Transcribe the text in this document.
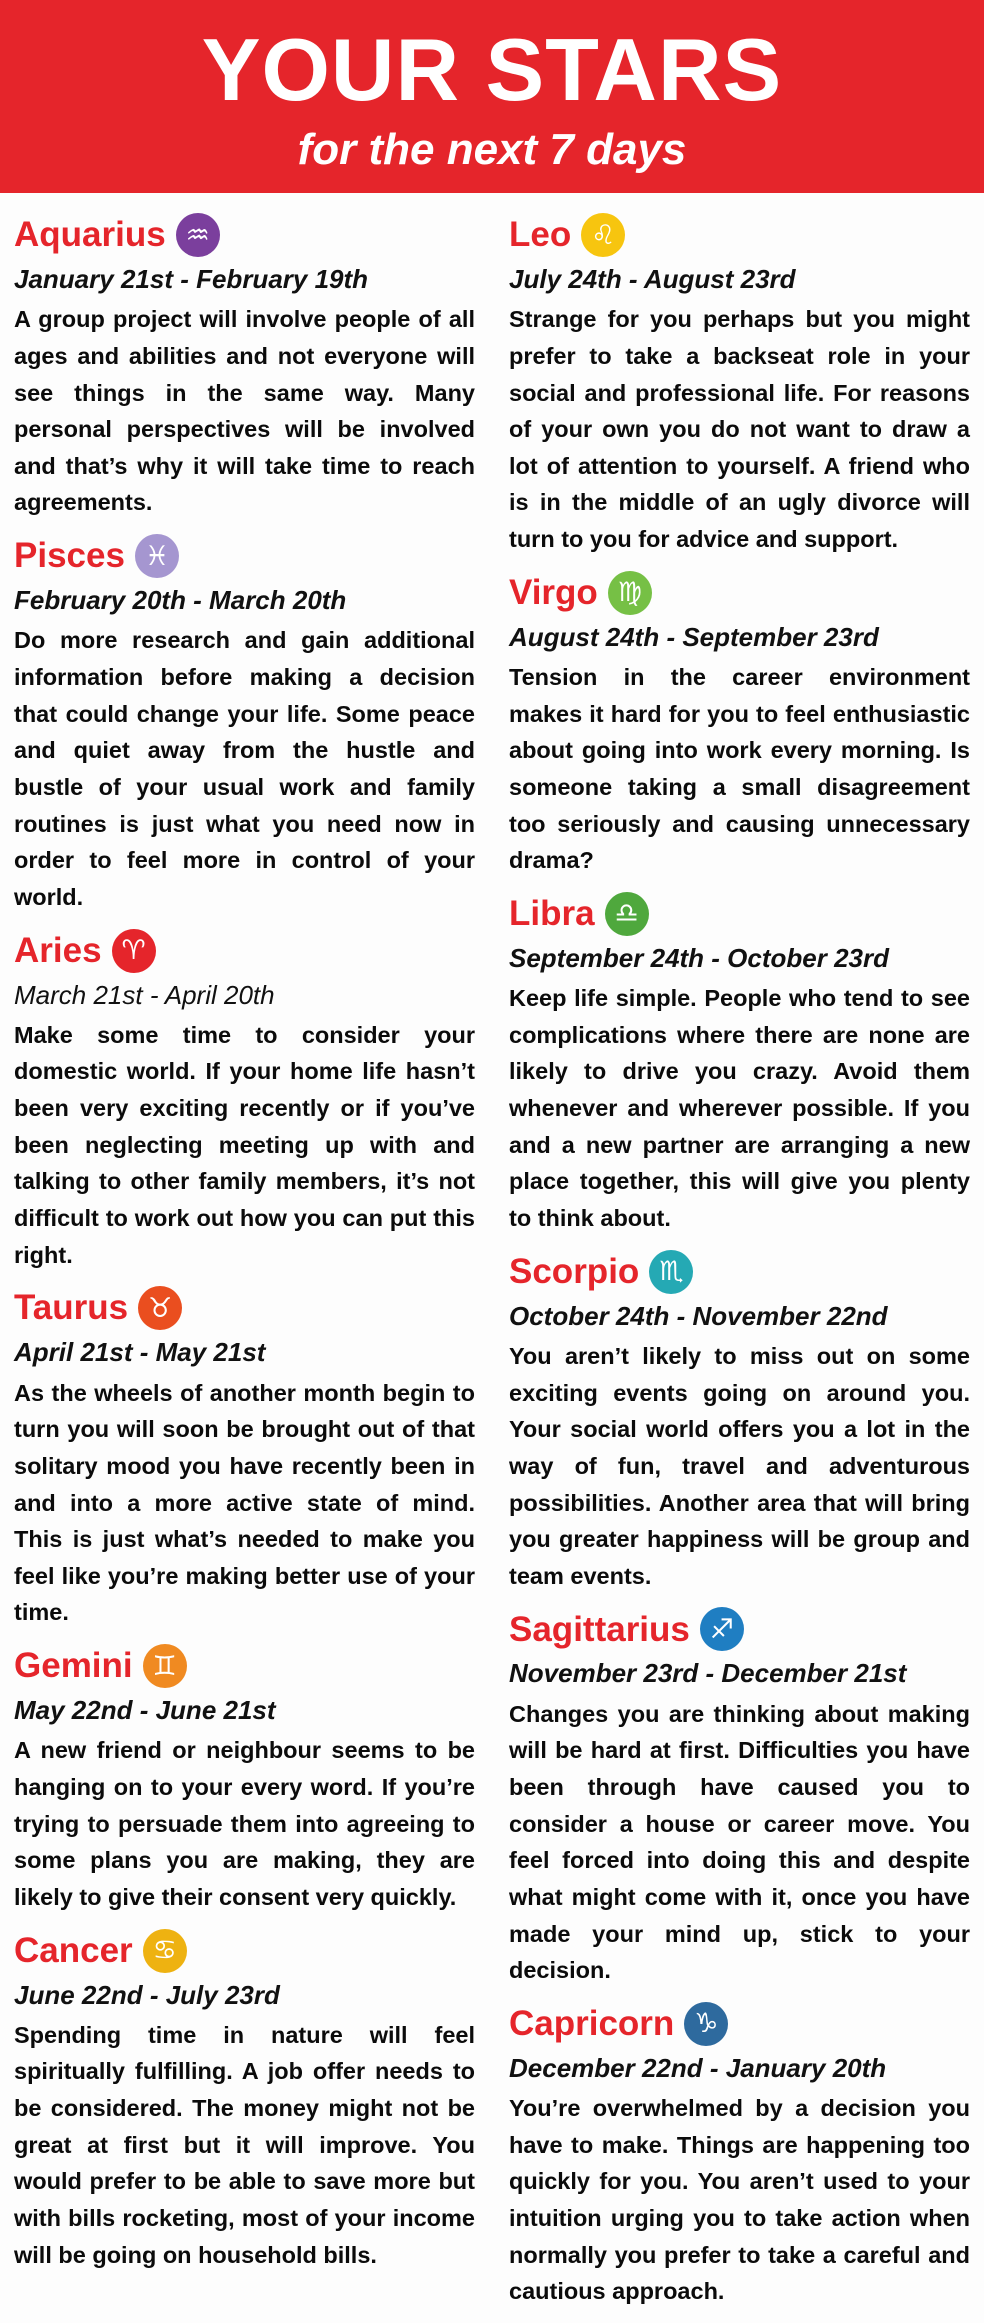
YOUR STARS
for the next 7 days
Aquarius ♒

January 21st - February 19th

A group project will involve people of all ages and abilities and not everyone will see things in the same way. Many personal perspectives will be involved and that’s why it will take time to reach agreements.

Pisces ♓

February 20th - March 20th

Do more research and gain additional information before making a decision that could change your life. Some peace and quiet away from the hustle and bustle of your usual work and family routines is just what you need now in order to feel more in control of your world.

Aries ♈

March 21st - April 20th

Make some time to consider your domestic world. If your home life hasn’t been very exciting recently or if you’ve been neglecting meeting up with and talking to other family members, it’s not difficult to work out how you can put this right.

Taurus ♉

April 21st - May 21st

As the wheels of another month begin to turn you will soon be brought out of that solitary mood you have recently been in and into a more active state of mind. This is just what’s needed to make you feel like you’re making better use of your time.

Gemini ♊

May 22nd - June 21st

A new friend or neighbour seems to be hanging on to your every word. If you’re trying to persuade them into agreeing to some plans you are making, they are likely to give their consent very quickly.

Cancer ♋

June 22nd - July 23rd

Spending time in nature will feel spiritually fulfilling. A job offer needs to be considered. The money might not be great at first but it will improve. You would prefer to be able to save more but with bills rocketing, most of your income will be going on household bills.

Leo ♌

July 24th - August 23rd

Strange for you perhaps but you might prefer to take a backseat role in your social and professional life. For reasons of your own you do not want to draw a lot of attention to yourself. A friend who is in the middle of an ugly divorce will turn to you for advice and support.

Virgo ♍

August 24th - September 23rd

Tension in the career environment makes it hard for you to feel enthusiastic about going into work every morning. Is someone taking a small disagreement too seriously and causing unnecessary drama?

Libra ♎

September 24th - October 23rd

Keep life simple. People who tend to see complications where there are none are likely to drive you crazy. Avoid them whenever and wherever possible. If you and a new partner are arranging a new place together, this will give you plenty to think about.

Scorpio ♏

October 24th - November 22nd

You aren’t likely to miss out on some exciting events going on around you. Your social world offers you a lot in the way of fun, travel and adventurous possibilities. Another area that will bring you greater happiness will be group and team events.

Sagittarius ♐

November 23rd - December 21st

Changes you are thinking about making will be hard at first. Difficulties you have been through have caused you to consider a house or career move. You feel forced into doing this and despite what might come with it, once you have made your mind up, stick to your decision.

Capricorn ♑

December 22nd - January 20th

You’re overwhelmed by a decision you have to make. Things are happening too quickly for you. You aren’t used to your intuition urging you to take action when normally you prefer to take a careful and cautious approach.
